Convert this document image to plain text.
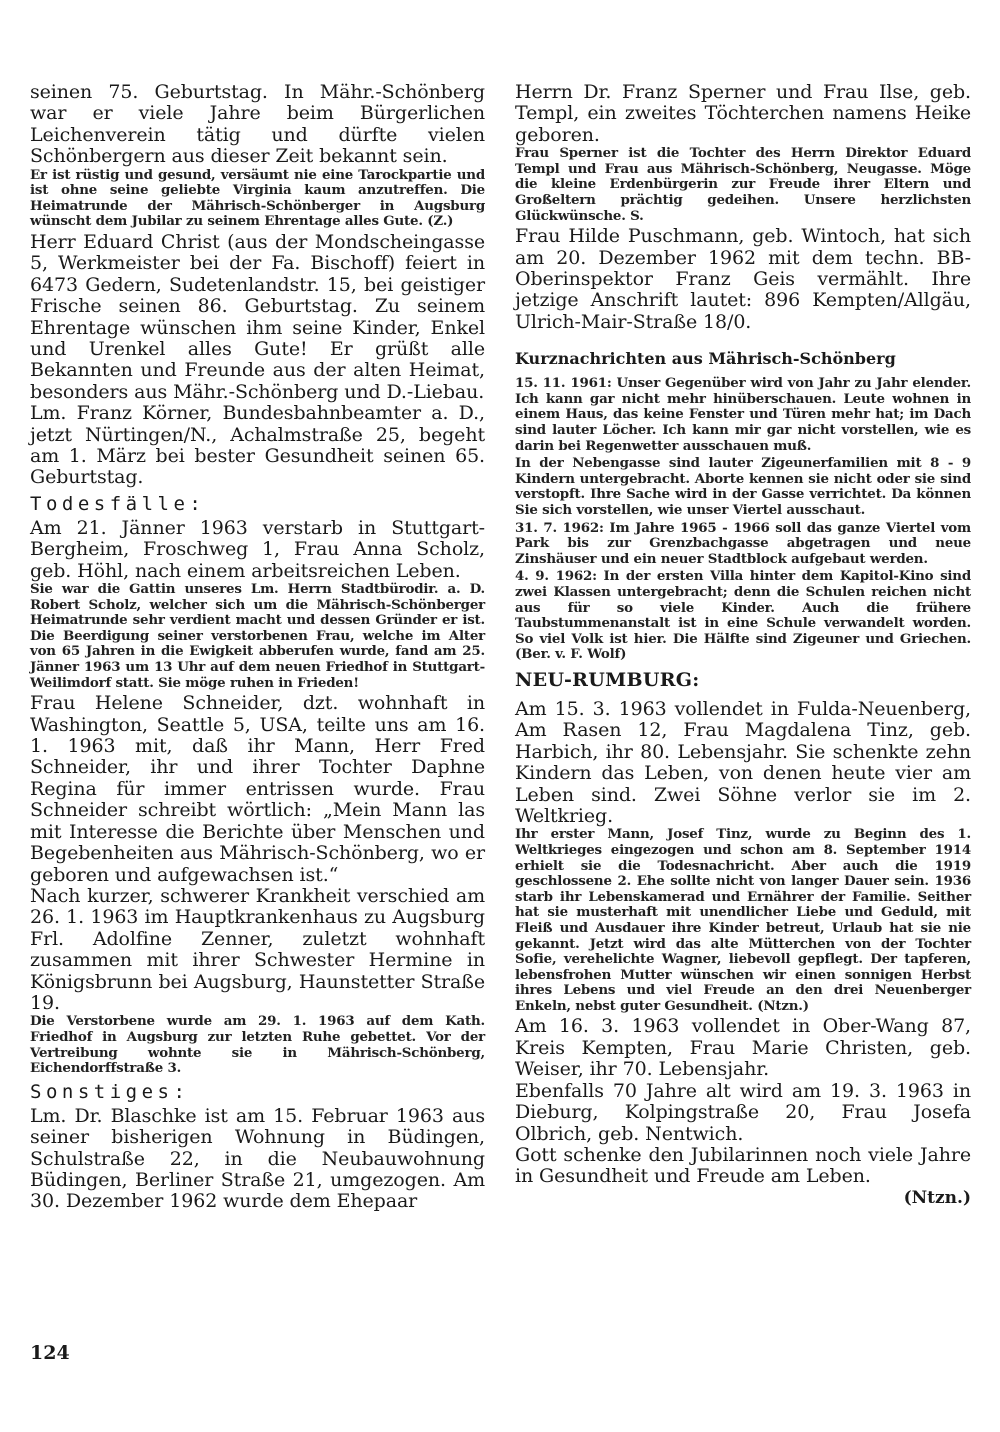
seinen 75. Geburtstag. In Mähr.-Schönberg war er viele Jahre beim Bürgerlichen Leichenverein tätig und dürfte vielen Schönbergern aus dieser Zeit bekannt sein.

Er ist rüstig und gesund, versäumt nie eine Tarockpartie und ist ohne seine geliebte Virginia kaum anzutreffen. Die Heimatrunde der Mährisch-Schönberger in Augsburg wünscht dem Jubilar zu seinem Ehrentage alles Gute. (Z.)

Herr Eduard Christ (aus der Mondscheingasse 5, Werkmeister bei der Fa. Bischoff) feiert in 6473 Gedern, Sudetenlandstr. 15, bei geistiger Frische seinen 86. Geburtstag. Zu seinem Ehrentage wünschen ihm seine Kinder, Enkel und Urenkel alles Gute! Er grüßt alle Bekannten und Freunde aus der alten Heimat, besonders aus Mähr.-Schönberg und D.-Liebau.

Lm. Franz Körner, Bundesbahnbeamter a. D., jetzt Nürtingen/N., Achalmstraße 25, begeht am 1. März bei bester Gesundheit seinen 65. Geburtstag.

Todesfälle:

Am 21. Jänner 1963 verstarb in Stuttgart-Bergheim, Froschweg 1, Frau Anna Scholz, geb. Höhl, nach einem arbeitsreichen Leben.

Sie war die Gattin unseres Lm. Herrn Stadtbürodir. a. D. Robert Scholz, welcher sich um die Mährisch-Schönberger Heimatrunde sehr verdient macht und dessen Gründer er ist. Die Beerdigung seiner verstorbenen Frau, welche im Alter von 65 Jahren in die Ewigkeit abberufen wurde, fand am 25. Jänner 1963 um 13 Uhr auf dem neuen Friedhof in Stuttgart-Weilimdorf statt. Sie möge ruhen in Frieden!

Frau Helene Schneider, dzt. wohnhaft in Washington, Seattle 5, USA, teilte uns am 16. 1. 1963 mit, daß ihr Mann, Herr Fred Schneider, ihr und ihrer Tochter Daphne Regina für immer entrissen wurde. Frau Schneider schreibt wörtlich: „Mein Mann las mit Interesse die Berichte über Menschen und Begebenheiten aus Mährisch-Schönberg, wo er geboren und aufgewachsen ist.“

Nach kurzer, schwerer Krankheit verschied am 26. 1. 1963 im Hauptkrankenhaus zu Augsburg Frl. Adolfine Zenner, zuletzt wohnhaft zusammen mit ihrer Schwester Hermine in Königsbrunn bei Augsburg, Haunstetter Straße 19.

Die Verstorbene wurde am 29. 1. 1963 auf dem Kath. Friedhof in Augsburg zur letzten Ruhe gebettet. Vor der Vertreibung wohnte sie in Mährisch-Schönberg, Eichendorffstraße 3.

Sonstiges:

Lm. Dr. Blaschke ist am 15. Februar 1963 aus seiner bisherigen Wohnung in Büdingen, Schulstraße 22, in die Neubauwohnung Büdingen, Berliner Straße 21, umgezogen. Am 30. Dezember 1962 wurde dem Ehepaar

Herrn Dr. Franz Sperner und Frau Ilse, geb. Templ, ein zweites Töchterchen namens Heike geboren.

Frau Sperner ist die Tochter des Herrn Direktor Eduard Templ und Frau aus Mährisch-Schönberg, Neugasse. Möge die kleine Erdenbürgerin zur Freude ihrer Eltern und Großeltern prächtig gedeihen. Unsere herzlichsten Glückwünsche. S.

Frau Hilde Puschmann, geb. Wintoch, hat sich am 20. Dezember 1962 mit dem techn. BB-Oberinspektor Franz Geis vermählt. Ihre jetzige Anschrift lautet: 896 Kempten/Allgäu, Ulrich-Mair-Straße 18/0.

Kurznachrichten aus Mährisch-Schönberg

15. 11. 1961: Unser Gegenüber wird von Jahr zu Jahr elender. Ich kann gar nicht mehr hinüberschauen. Leute wohnen in einem Haus, das keine Fenster und Türen mehr hat; im Dach sind lauter Löcher. Ich kann mir gar nicht vorstellen, wie es darin bei Regenwetter ausschauen muß.

In der Nebengasse sind lauter Zigeunerfamilien mit 8 - 9 Kindern untergebracht. Aborte kennen sie nicht oder sie sind verstopft. Ihre Sache wird in der Gasse verrichtet. Da können Sie sich vorstellen, wie unser Viertel ausschaut.

31. 7. 1962: Im Jahre 1965 - 1966 soll das ganze Viertel vom Park bis zur Grenzbachgasse abgetragen und neue Zinshäuser und ein neuer Stadtblock aufgebaut werden.

4. 9. 1962: In der ersten Villa hinter dem Kapitol-Kino sind zwei Klassen untergebracht; denn die Schulen reichen nicht aus für so viele Kinder. Auch die frühere Taubstummenanstalt ist in eine Schule verwandelt worden. So viel Volk ist hier. Die Hälfte sind Zigeuner und Griechen. (Ber. v. F. Wolf)

NEU-RUMBURG:

Am 15. 3. 1963 vollendet in Fulda-Neuenberg, Am Rasen 12, Frau Magdalena Tinz, geb. Harbich, ihr 80. Lebensjahr. Sie schenkte zehn Kindern das Leben, von denen heute vier am Leben sind. Zwei Söhne verlor sie im 2. Weltkrieg.

Ihr erster Mann, Josef Tinz, wurde zu Beginn des 1. Weltkrieges eingezogen und schon am 8. September 1914 erhielt sie die Todesnachricht. Aber auch die 1919 geschlossene 2. Ehe sollte nicht von langer Dauer sein. 1936 starb ihr Lebenskamerad und Ernährer der Familie. Seither hat sie musterhaft mit unendlicher Liebe und Geduld, mit Fleiß und Ausdauer ihre Kinder betreut, Urlaub hat sie nie gekannt. Jetzt wird das alte Mütterchen von der Tochter Sofie, verehelichte Wagner, liebevoll gepflegt. Der tapferen, lebensfrohen Mutter wünschen wir einen sonnigen Herbst ihres Lebens und viel Freude an den drei Neuenberger Enkeln, nebst guter Gesundheit. (Ntzn.)

Am 16. 3. 1963 vollendet in Ober-Wang 87, Kreis Kempten, Frau Marie Christen, geb. Weiser, ihr 70. Lebensjahr.

Ebenfalls 70 Jahre alt wird am 19. 3. 1963 in Dieburg, Kolpingstraße 20, Frau Josefa Olbrich, geb. Nentwich.

Gott schenke den Jubilarinnen noch viele Jahre in Gesundheit und Freude am Leben.

(Ntzn.)

124
